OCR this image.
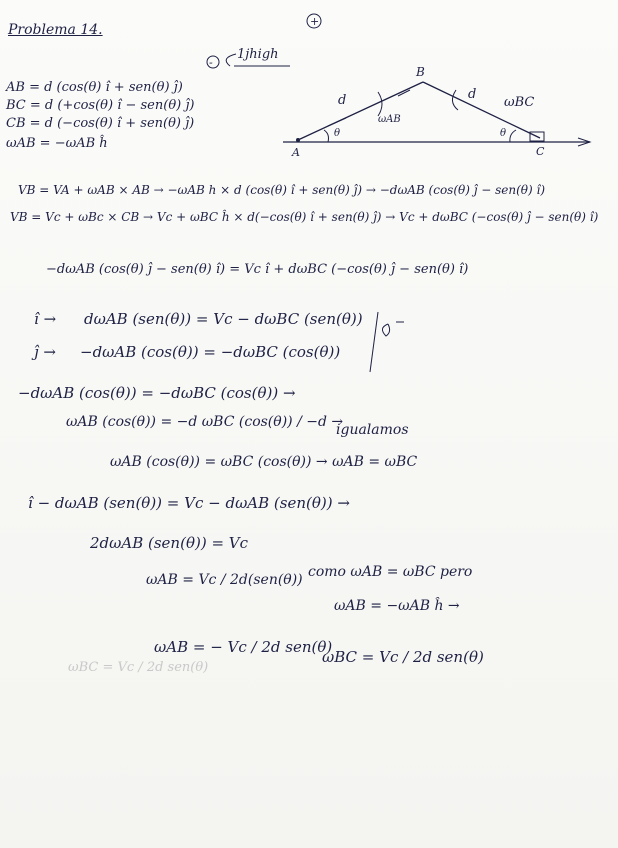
Problema 14.
+
-
1jhigh
AB = d (cos(θ) î + sen(θ) ĵ)
BC = d (+cos(θ) î − sen(θ) ĵ)
CB = d (−cos(θ) î + sen(θ) ĵ)
ωAB = −ωAB ĥ
A
B
C
d	d
θ	θ
ωAB
ωBC
VB = VA + ωAB × AB → −ωAB h × d (cos(θ) î + sen(θ) ĵ) → −dωAB (cos(θ) ĵ − sen(θ) î)
VB = Vc + ωBc × CB → Vc + ωBC ĥ × d(−cos(θ) î + sen(θ) ĵ) → Vc + dωBC (−cos(θ) ĵ − sen(θ) î)
−dωAB (cos(θ) ĵ − sen(θ) î) = Vc î + dωBC (−cos(θ) ĵ − sen(θ) î)
î → dωAB (sen(θ)) = Vc − dωBC (sen(θ))
ĵ → −dωAB (cos(θ)) = −dωBC (cos(θ))
−dωAB (cos(θ)) = −dωBC (cos(θ)) →
ωAB (cos(θ)) = −d ωBC (cos(θ)) / −d →
igualamos
ωAB (cos(θ)) = ωBC (cos(θ)) → ωAB = ωBC
î − dωAB (sen(θ)) = Vc − dωAB (sen(θ)) →
2dωAB (sen(θ)) = Vc
ωAB = Vc / 2d(sen(θ)) como ωAB = ωBC pero
ωAB = −ωAB ĥ →
ωAB = − Vc / 2d sen(θ)
ωBC = Vc / 2d sen(θ)
ωBC = Vc / 2d sen(θ)
